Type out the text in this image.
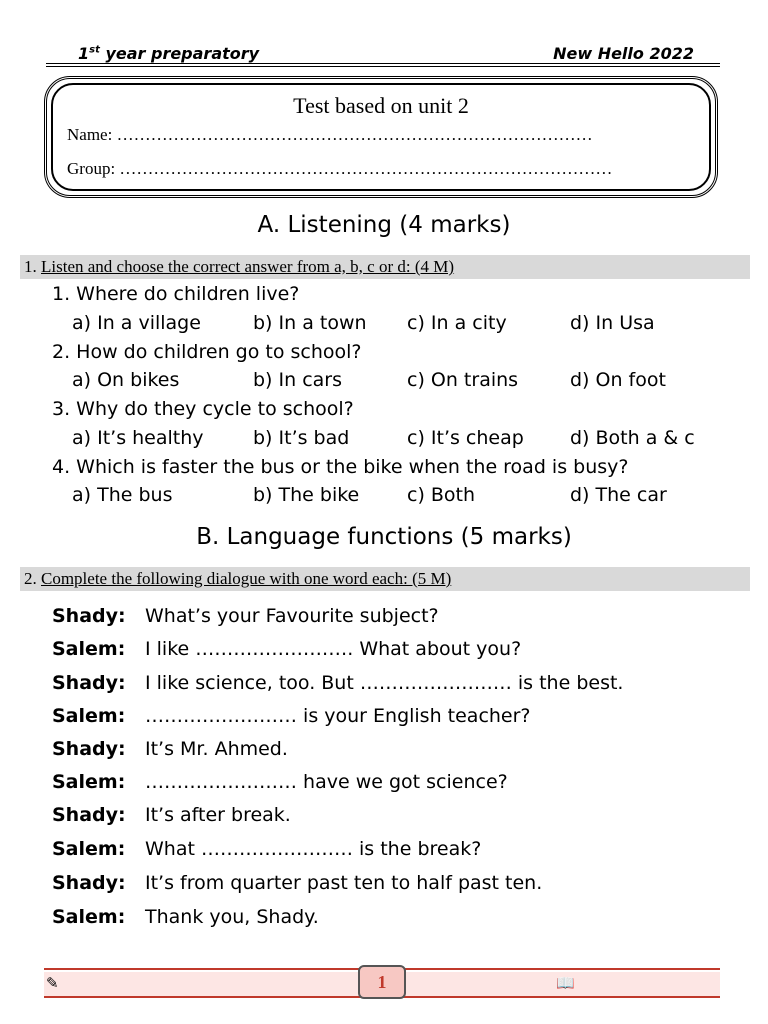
1st year preparatory	New Hello 2022
Test based on unit 2
Name: …………………………………………………………………………
Group: ……………………………………………………………………………
A. Listening (4 marks)
1. Listen and choose the correct answer from a, b, c or d: (4 M)
1. Where do children live?
a) In a village	b) In a town c) In a city	d) In Usa
2. How do children go to school?
a) On bikes	b) In cars	c) On trains	d) On foot
3. Why do they cycle to school?
a) It’s healthy	b) It’s bad	c) It’s cheap d) Both a & c
4. Which is faster the bus or the bike when the road is busy?
a) The bus	b) The bike	c) Both	d) The car
B. Language functions (5 marks)
2. Complete the following dialogue with one word each: (5 M)
Shady: What’s your Favourite subject?
Salem: I like ……………………. What about you?
Shady: I like science, too. But …………………… is the best.
Salem: …………………… is your English teacher?
Shady: It’s Mr. Ahmed.
Salem: …………………… have we got science?
Shady: It’s after break.
Salem: What …………………… is the break?
Shady: It’s from quarter past ten to half past ten.
Salem: Thank you, Shady.
✎	📖
1
